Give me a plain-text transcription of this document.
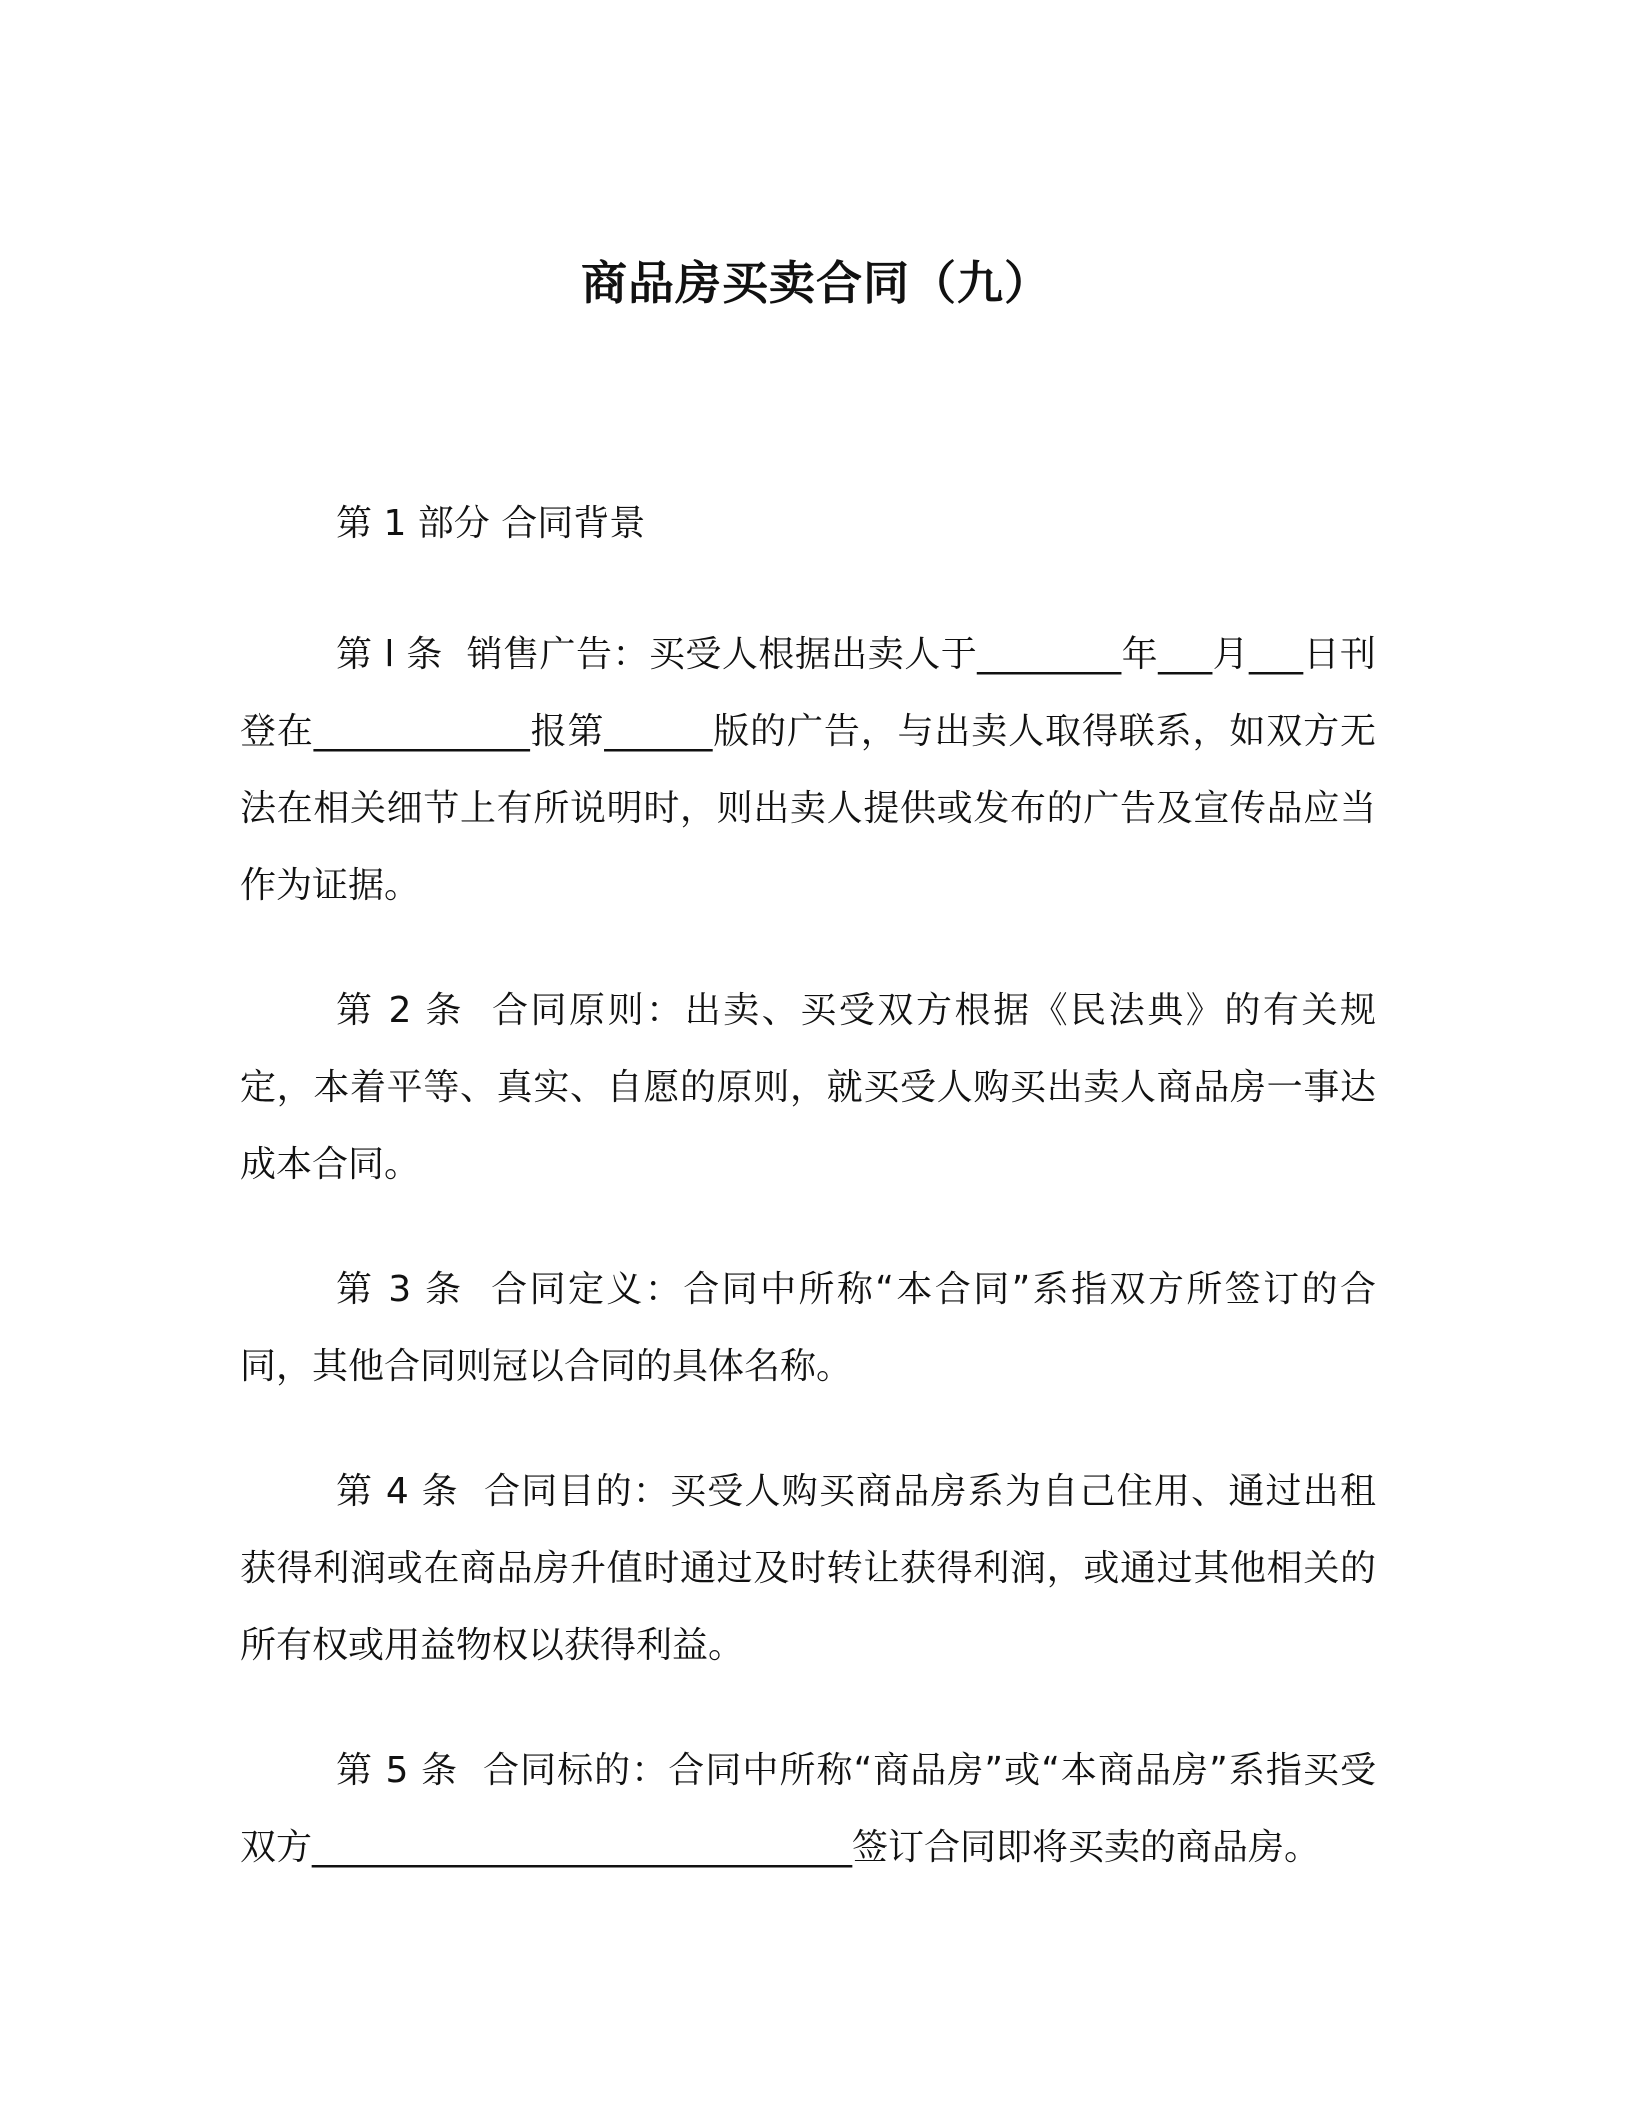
商品房买卖合同（九）
第 1 部分 合同背景

第 l 条  销售广告：买受人根据出卖人于________年___月___日刊登在____________报第______版的广告，与出卖人取得联系，如双方无法在相关细节上有所说明时，则出卖人提供或发布的广告及宣传品应当作为证据。

第 2 条  合同原则：出卖、买受双方根据《民法典》的有关规定，本着平等、真实、自愿的原则，就买受人购买出卖人商品房一事达成本合同。

第 3 条  合同定义：合同中所称“本合同”系指双方所签订的合同，其他合同则冠以合同的具体名称。

第 4 条  合同目的：买受人购买商品房系为自己住用、通过出租获得利润或在商品房升值时通过及时转让获得利润，或通过其他相关的所有权或用益物权以获得利益。

第 5 条  合同标的：合同中所称“商品房”或“本商品房”系指买受双方______________________________签订合同即将买卖的商品房。
